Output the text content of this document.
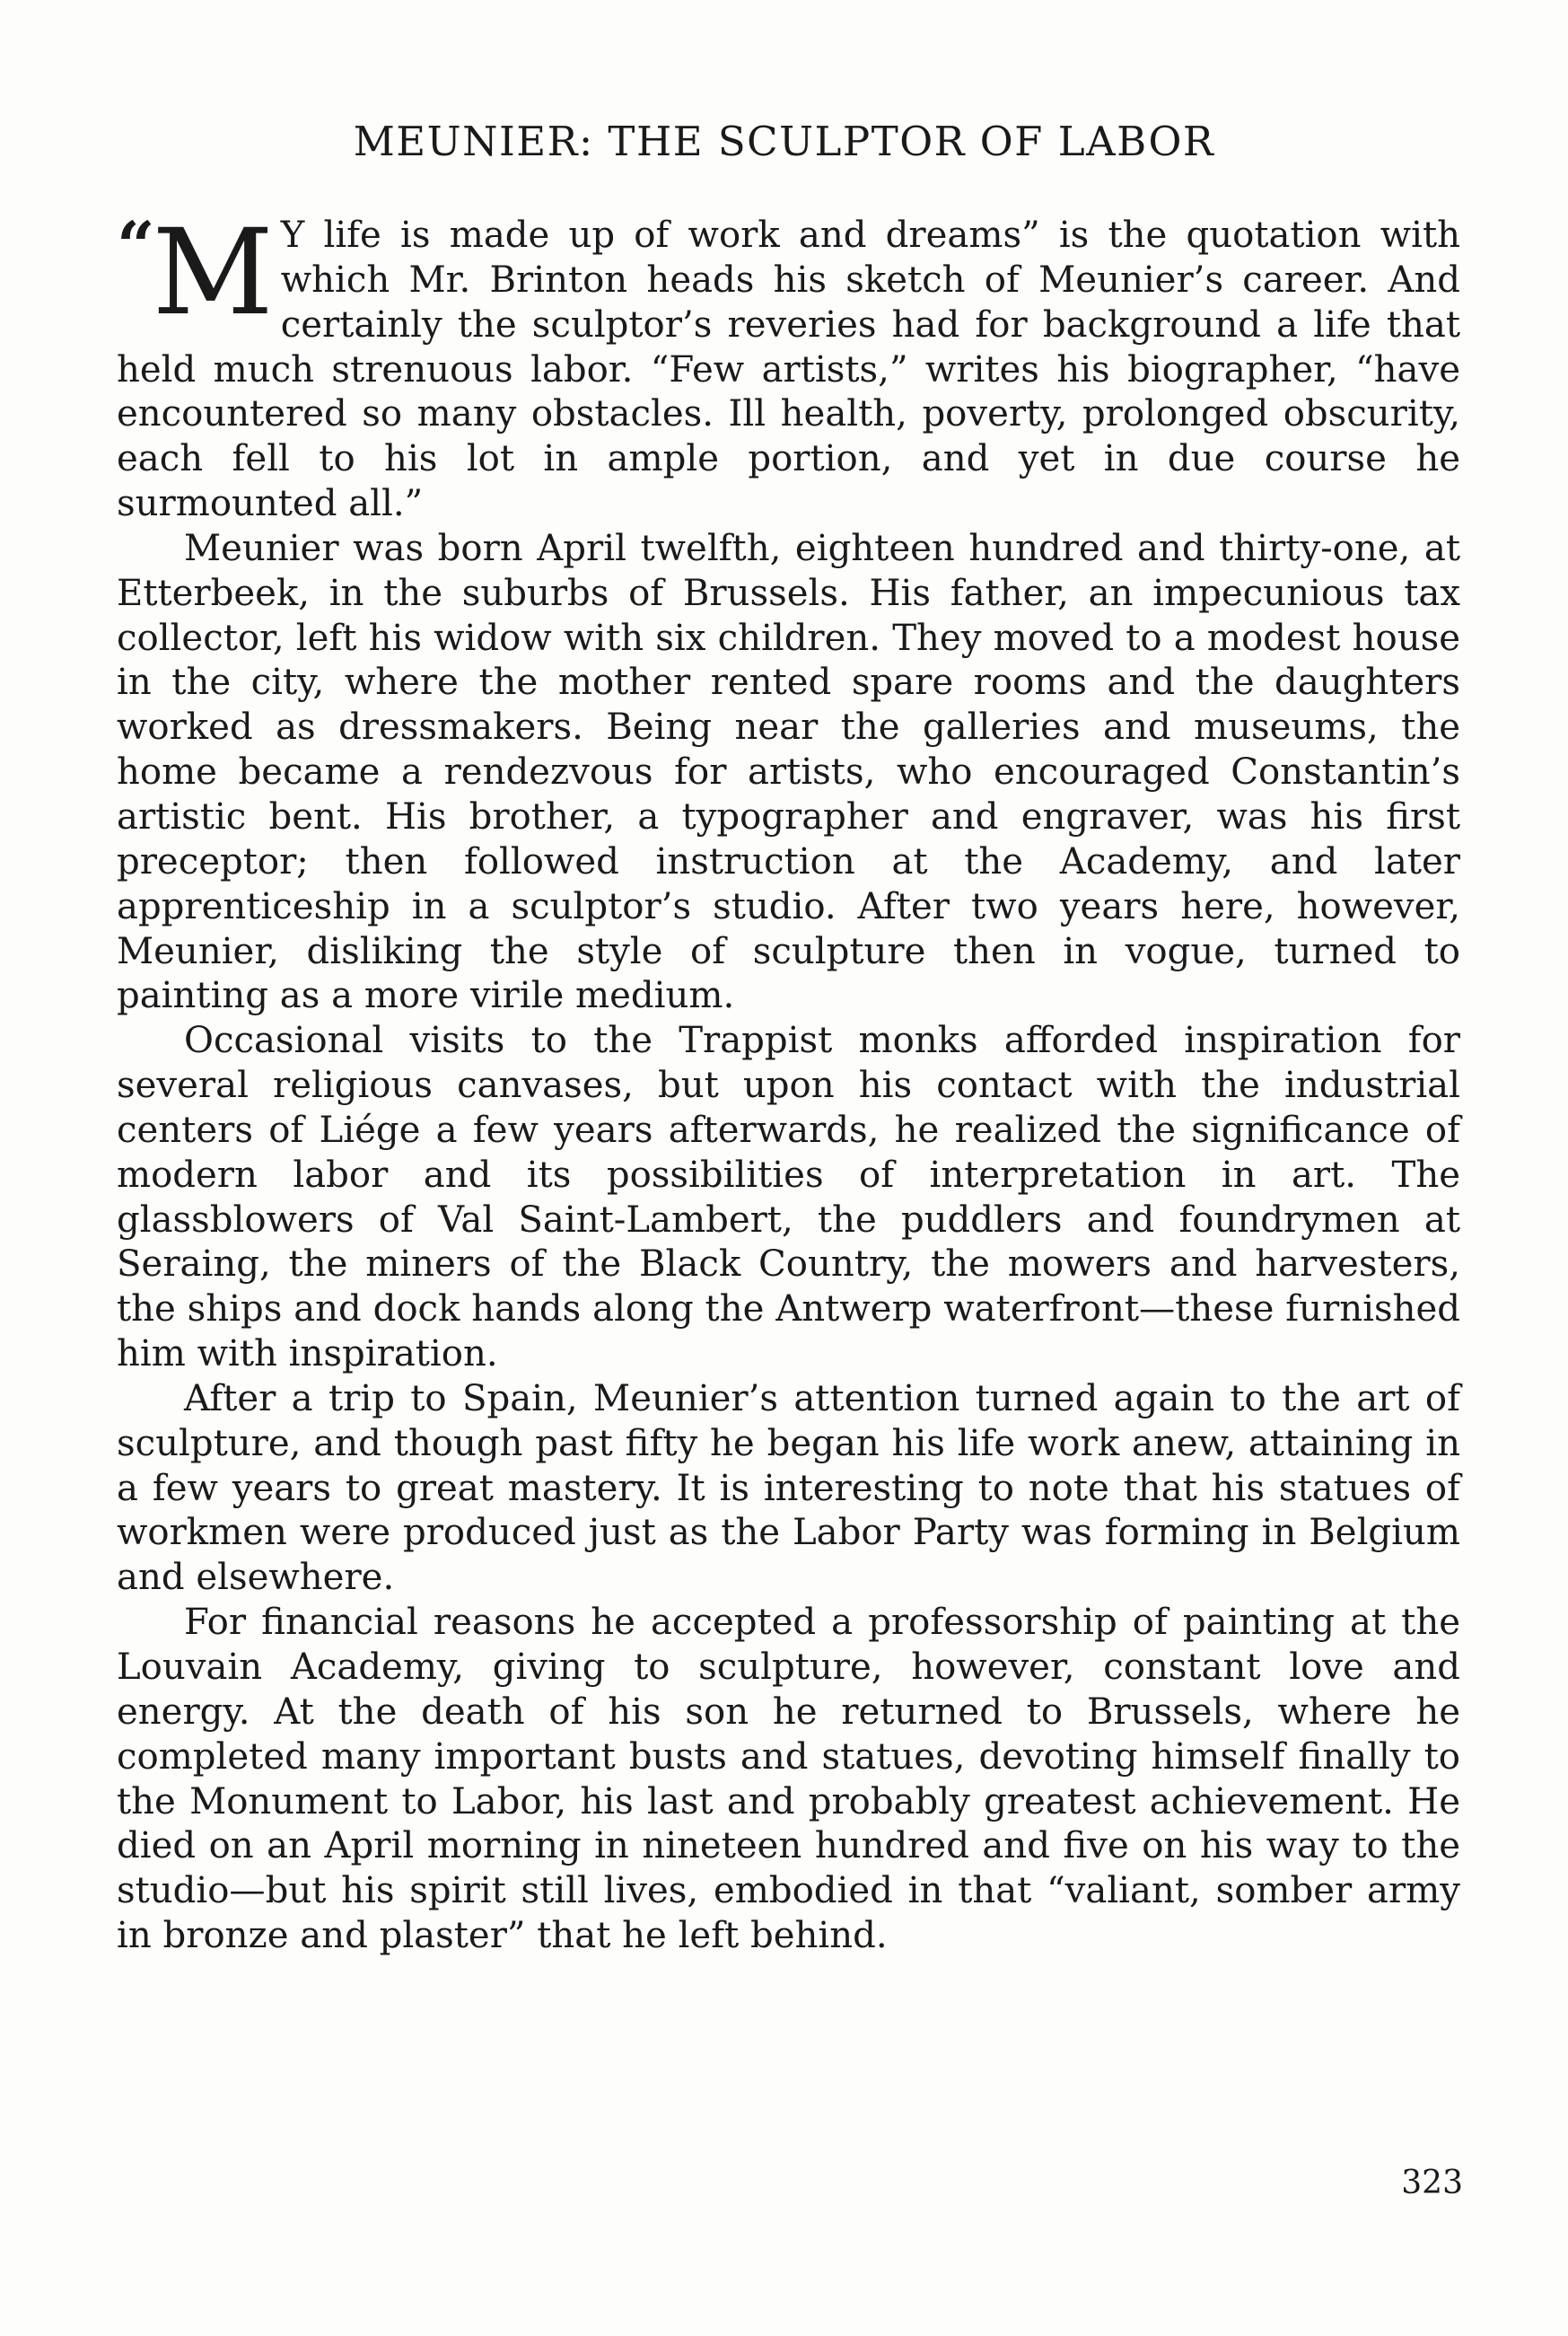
MEUNIER: THE SCULPTOR OF LABOR

“
M Y life is made up of work and dreams” is the quotation with which Mr. Brinton heads his sketch of Meunier’s career. And certainly the sculptor’s reveries had for background a life that held much strenuous labor. “Few artists,” writes his biographer, “have encountered so many obstacles. Ill health, poverty, prolonged obscurity, each fell to his lot in ample portion, and yet in due course he surmounted all.”

Meunier was born April twelfth, eighteen hundred and thirty-one, at Etterbeek, in the suburbs of Brussels. His father, an impecunious tax collector, left his widow with six children. They moved to a modest house in the city, where the mother rented spare rooms and the daughters worked as dressmakers. Being near the galleries and museums, the home became a rendezvous for artists, who encouraged Constantin’s artistic bent. His brother, a typographer and engraver, was his first preceptor; then followed instruction at the Academy, and later apprenticeship in a sculptor’s studio. After two years here, however, Meunier, disliking the style of sculpture then in vogue, turned to painting as a more virile medium.

Occasional visits to the Trappist monks afforded inspiration for several religious canvases, but upon his contact with the industrial centers of Liége a few years afterwards, he realized the significance of modern labor and its possibilities of interpretation in art. The glassblowers of Val Saint-Lambert, the puddlers and foundrymen at Seraing, the miners of the Black Country, the mowers and harvesters, the ships and dock hands along the Antwerp waterfront—these furnished him with inspiration.

After a trip to Spain, Meunier’s attention turned again to the art of sculpture, and though past fifty he began his life work anew, attaining in a few years to great mastery. It is interesting to note that his statues of workmen were produced just as the Labor Party was forming in Belgium and elsewhere.

For financial reasons he accepted a professorship of painting at the Louvain Academy, giving to sculpture, however, constant love and energy. At the death of his son he returned to Brussels, where he completed many important busts and statues, devoting himself finally to the Monument to Labor, his last and probably greatest achievement. He died on an April morning in nineteen hundred and five on his way to the studio—but his spirit still lives, embodied in that “valiant, somber army in bronze and plaster” that he left behind.

323
